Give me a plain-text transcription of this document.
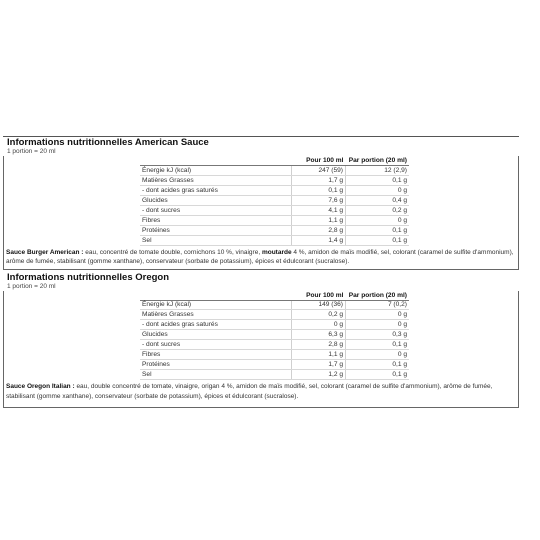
Informations nutritionnelles American Sauce
1 portion = 20 ml
	Pour 100 ml	Par portion (20 ml)
Énergie kJ (kcal)	247 (59)	12 (2,9)
Matières Grasses	1,7 g	0,1 g
- dont acides gras saturés	0,1 g	0 g
Glucides	7,6 g	0,4 g
- dont sucres	4,1 g	0,2 g
Fibres	1,1 g	0 g
Protéines	2,8 g	0,1 g
Sel	1,4 g	0,1 g
Sauce Burger American : eau, concentré de tomate double, cornichons 10 %, vinaigre, moutarde 4 %, amidon de maïs modifié, sel, colorant (caramel de sulfite d'ammonium), arôme de fumée, stabilisant (gomme xanthane), conservateur (sorbate de potassium), épices et édulcorant (sucralose).
Informations nutritionnelles Oregon
1 portion = 20 ml
	Pour 100 ml	Par portion (20 ml)
Énergie kJ (kcal)	149 (36)	7 (0,2)
Matières Grasses	0,2 g	0 g
- dont acides gras saturés	0 g	0 g
Glucides	6,3 g	0,3 g
- dont sucres	2,8 g	0,1 g
Fibres	1,1 g	0 g
Protéines	1,7 g	0,1 g
Sel	1,2 g	0,1 g
Sauce Oregon Italian : eau, double concentré de tomate, vinaigre, origan 4 %, amidon de maïs modifié, sel, colorant (caramel de sulfite d'ammonium), arôme de fumée, stabilisant (gomme xanthane), conservateur (sorbate de potassium), épices et édulcorant (sucralose).
